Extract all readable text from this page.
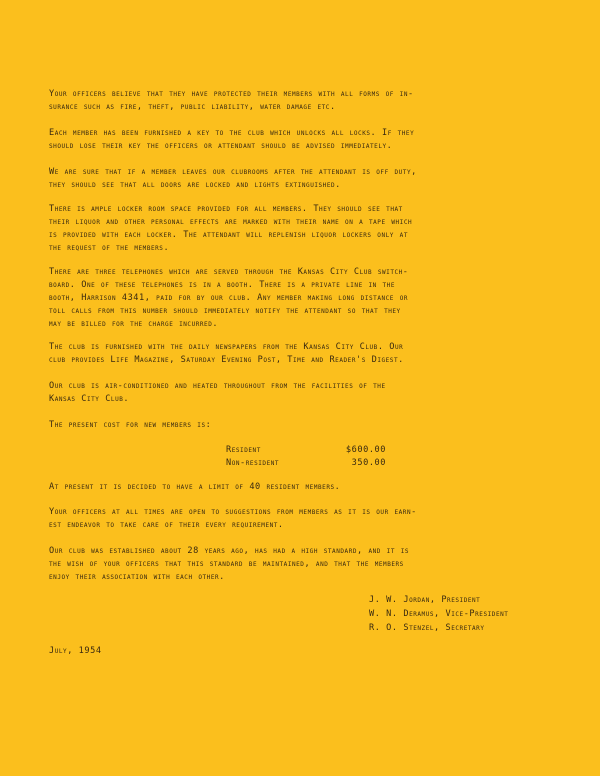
Your officers believe that they have protected their members with all forms of in-
surance such as fire, theft, public liability, water damage etc.
Each member has been furnished a key to the club which unlocks all locks. If they
should lose their key the officers or attendant should be advised immediately.
We are sure that if a member leaves our clubrooms after the attendant is off duty,
they should see that all doors are locked and lights extinguished.
There is ample locker room space provided for all members. They should see that
their liquor and other personal effects are marked with their name on a tape which
is provided with each locker. The attendant will replenish liquor lockers only at
the request of the members.
There are three telephones which are served through the Kansas City Club switch-
board. One of these telephones is in a booth. There is a private line in the
booth, Harrison 4341, paid for by our club. Any member making long distance or
toll calls from this number should immediately notify the attendant so that they
may be billed for the charge incurred.
The club is furnished with the daily newspapers from the Kansas City Club. Our
club provides Life Magazine, Saturday Evening Post, Time and Reader's Digest.
Our club is air-conditioned and heated throughout from the facilities of the
Kansas City Club.
The present cost for new members is:
Resident	$600.00
Non-resident	350.00
At present it is decided to have a limit of 40 resident members.
Your officers at all times are open to suggestions from members as it is our earn-
est endeavor to take care of their every requirement.
Our club was established about 28 years ago, has had a high standard, and it is
the wish of your officers that this standard be maintained, and that the members
enjoy their association with each other.
J. W. Jordan, President
W. N. Deramus, Vice-President
R. O. Stenzel, Secretary
July, 1954
